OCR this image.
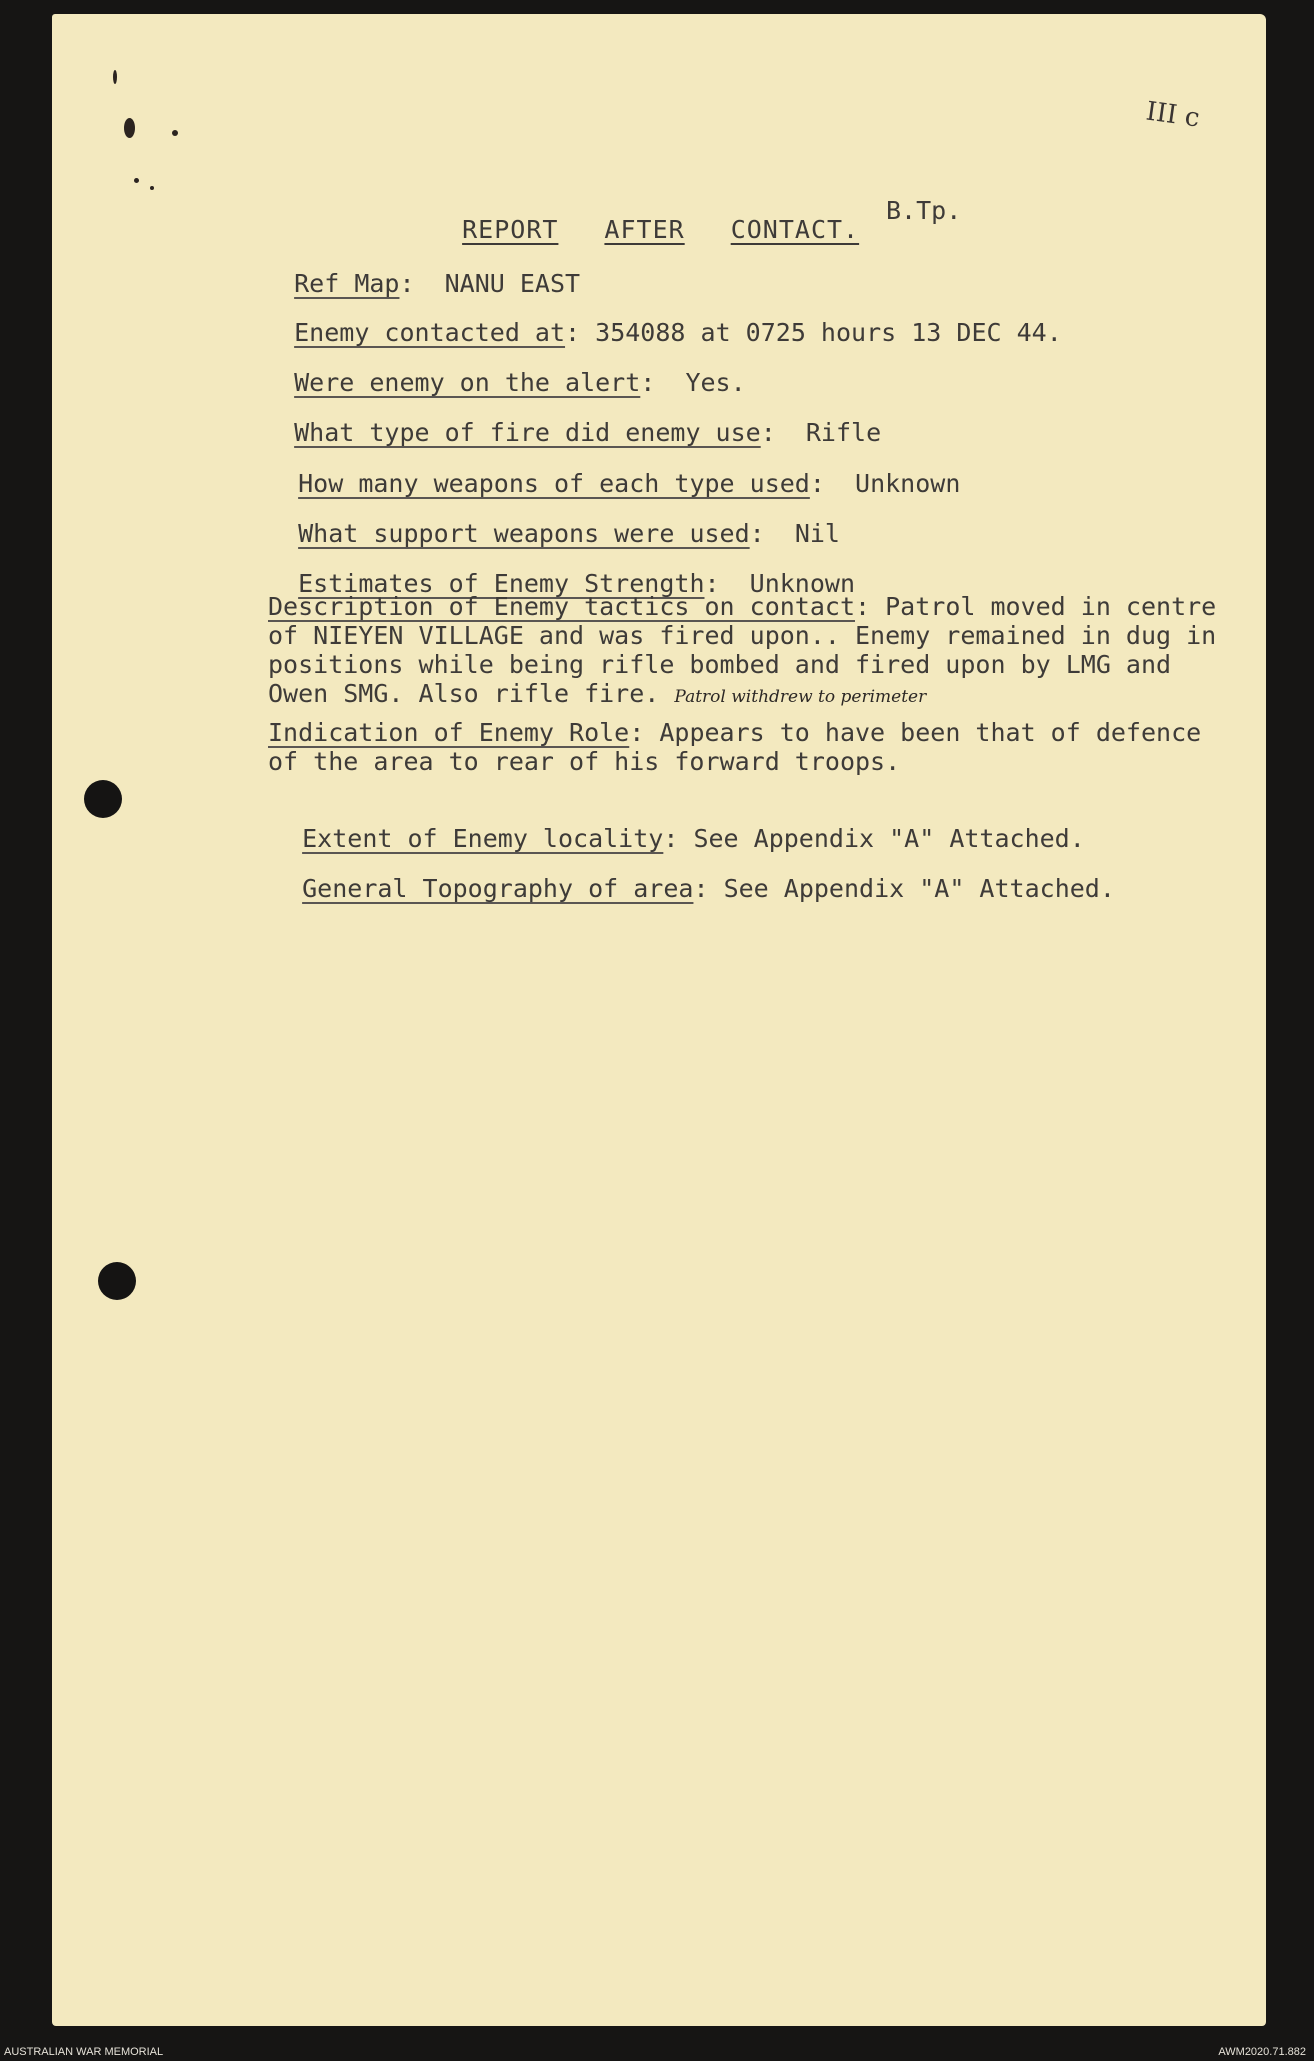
III c

REPORT AFTER CONTACT.

B.Tp.

Ref Map:  NANU EAST

Enemy contacted at: 354088 at 0725 hours 13 DEC 44.

Were enemy on the alert:  Yes.

What type of fire did enemy use:  Rifle

How many weapons of each type used:  Unknown

What support weapons were used:  Nil

Estimates of Enemy Strength:  Unknown

Description of Enemy tactics on contact: Patrol moved in centre of NIEYEN VILLAGE and was fired upon.. Enemy remained in dug in positions while being rifle bombed and fired upon by LMG and Owen SMG. Also rifle fire. Patrol withdrew to perimeter
Indication of Enemy Role: Appears to have been that of defence of the area to rear of his forward troops.

Extent of Enemy locality: See Appendix "A" Attached.

General Topography of area: See Appendix "A" Attached.

AUSTRALIAN WAR MEMORIAL	AWM2020.71.882
